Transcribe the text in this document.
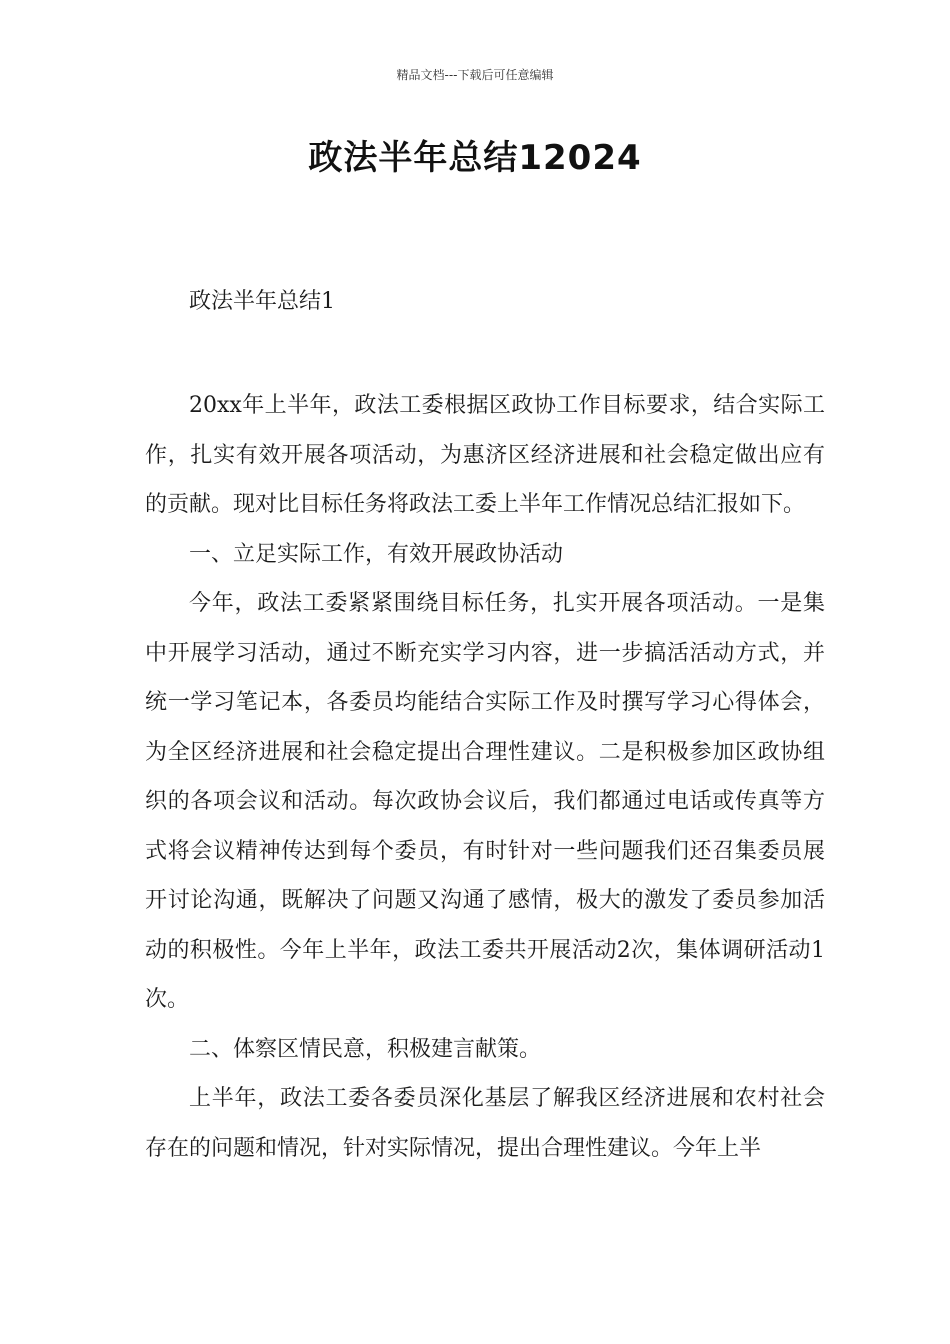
精品文档---下载后可任意编辑
政法半年总结12024

政法半年总结1

20xx年上半年，政法工委根据区政协工作目标要求，结合实际工作，扎实有效开展各项活动，为惠济区经济进展和社会稳定做出应有的贡献。现对比目标任务将政法工委上半年工作情况总结汇报如下。

一、立足实际工作，有效开展政协活动

今年，政法工委紧紧围绕目标任务，扎实开展各项活动。一是集中开展学习活动，通过不断充实学习内容，进一步搞活活动方式，并统一学习笔记本，各委员均能结合实际工作及时撰写学习心得体会，为全区经济进展和社会稳定提出合理性建议。二是积极参加区政协组织的各项会议和活动。每次政协会议后，我们都通过电话或传真等方式将会议精神传达到每个委员，有时针对一些问题我们还召集委员展开讨论沟通，既解决了问题又沟通了感情，极大的激发了委员参加活动的积极性。今年上半年，政法工委共开展活动2次，集体调研活动1次。

二、体察区情民意，积极建言献策。

上半年，政法工委各委员深化基层了解我区经济进展和农村社会存在的问题和情况，针对实际情况，提出合理性建议。今年上半
